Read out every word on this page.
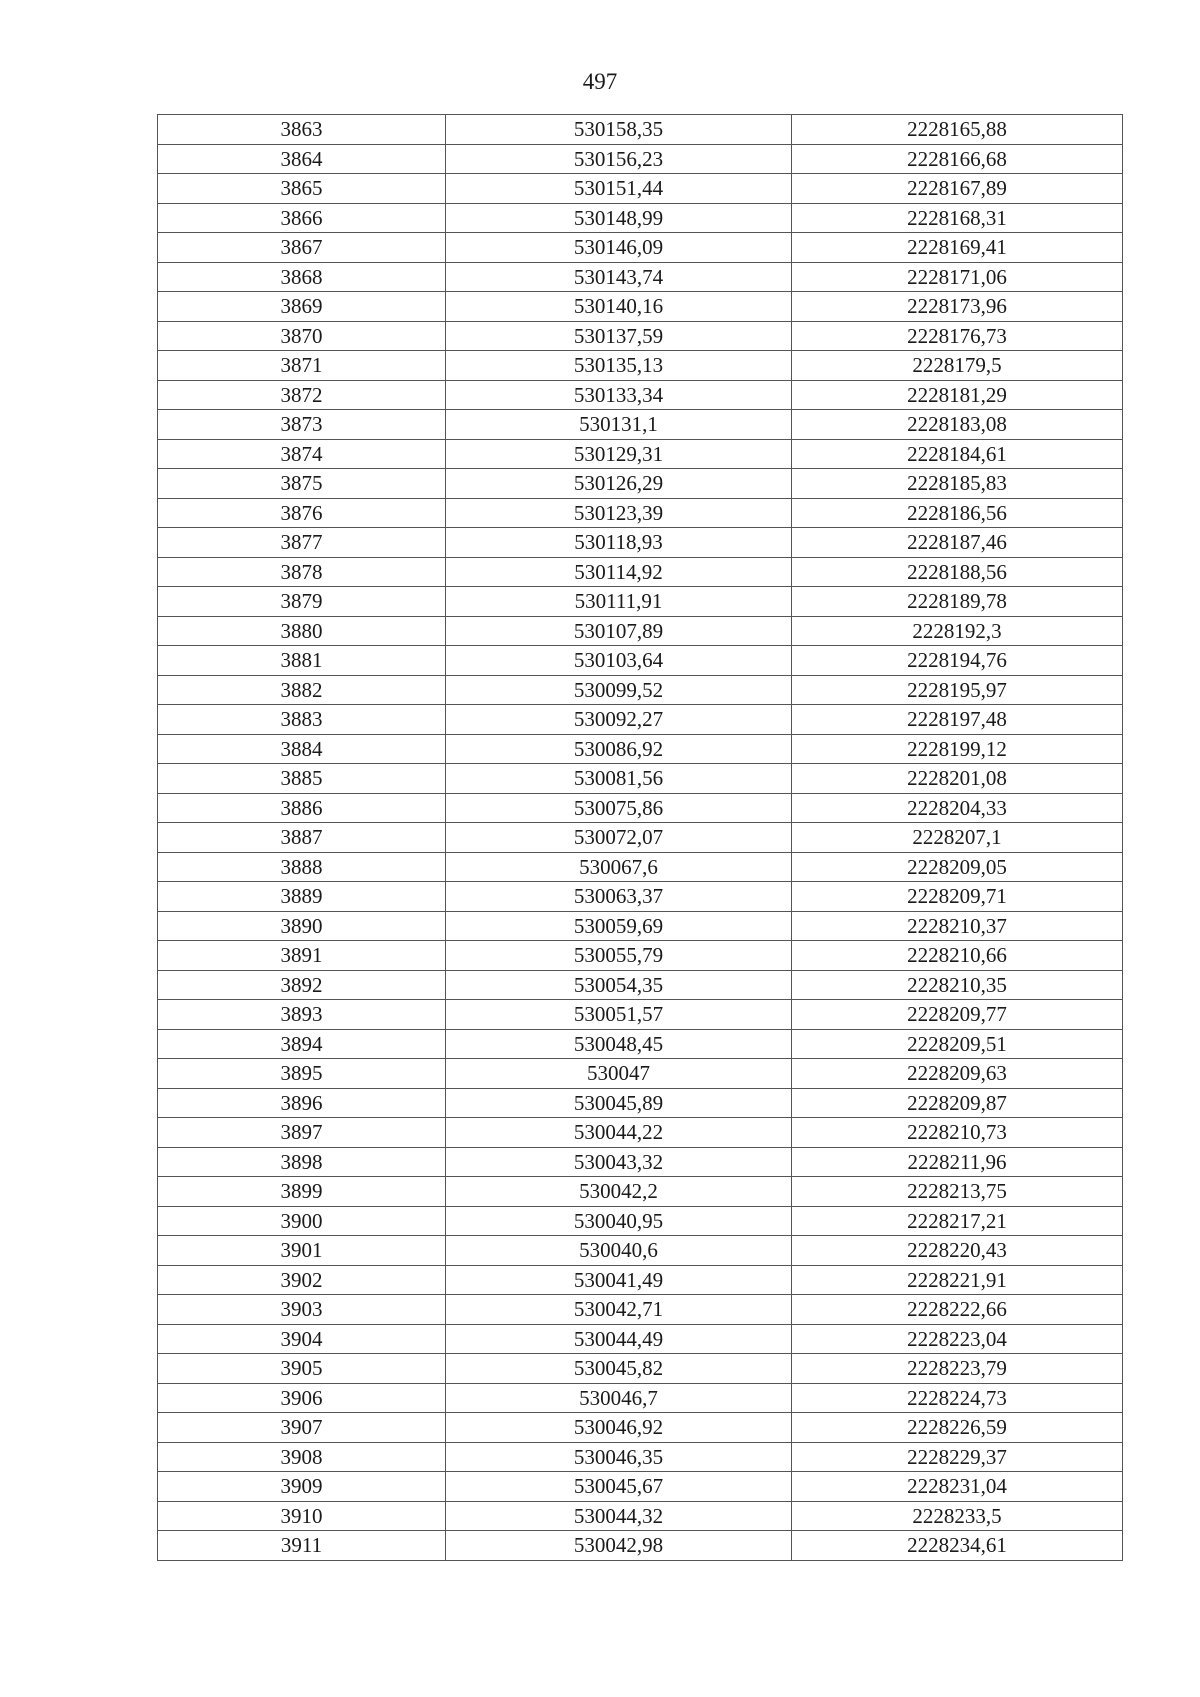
497
3863	530158,35	2228165,88
3864	530156,23	2228166,68
3865	530151,44	2228167,89
3866	530148,99	2228168,31
3867	530146,09	2228169,41
3868	530143,74	2228171,06
3869	530140,16	2228173,96
3870	530137,59	2228176,73
3871	530135,13	2228179,5
3872	530133,34	2228181,29
3873	530131,1	2228183,08
3874	530129,31	2228184,61
3875	530126,29	2228185,83
3876	530123,39	2228186,56
3877	530118,93	2228187,46
3878	530114,92	2228188,56
3879	530111,91	2228189,78
3880	530107,89	2228192,3
3881	530103,64	2228194,76
3882	530099,52	2228195,97
3883	530092,27	2228197,48
3884	530086,92	2228199,12
3885	530081,56	2228201,08
3886	530075,86	2228204,33
3887	530072,07	2228207,1
3888	530067,6	2228209,05
3889	530063,37	2228209,71
3890	530059,69	2228210,37
3891	530055,79	2228210,66
3892	530054,35	2228210,35
3893	530051,57	2228209,77
3894	530048,45	2228209,51
3895	530047	2228209,63
3896	530045,89	2228209,87
3897	530044,22	2228210,73
3898	530043,32	2228211,96
3899	530042,2	2228213,75
3900	530040,95	2228217,21
3901	530040,6	2228220,43
3902	530041,49	2228221,91
3903	530042,71	2228222,66
3904	530044,49	2228223,04
3905	530045,82	2228223,79
3906	530046,7	2228224,73
3907	530046,92	2228226,59
3908	530046,35	2228229,37
3909	530045,67	2228231,04
3910	530044,32	2228233,5
3911	530042,98	2228234,61
